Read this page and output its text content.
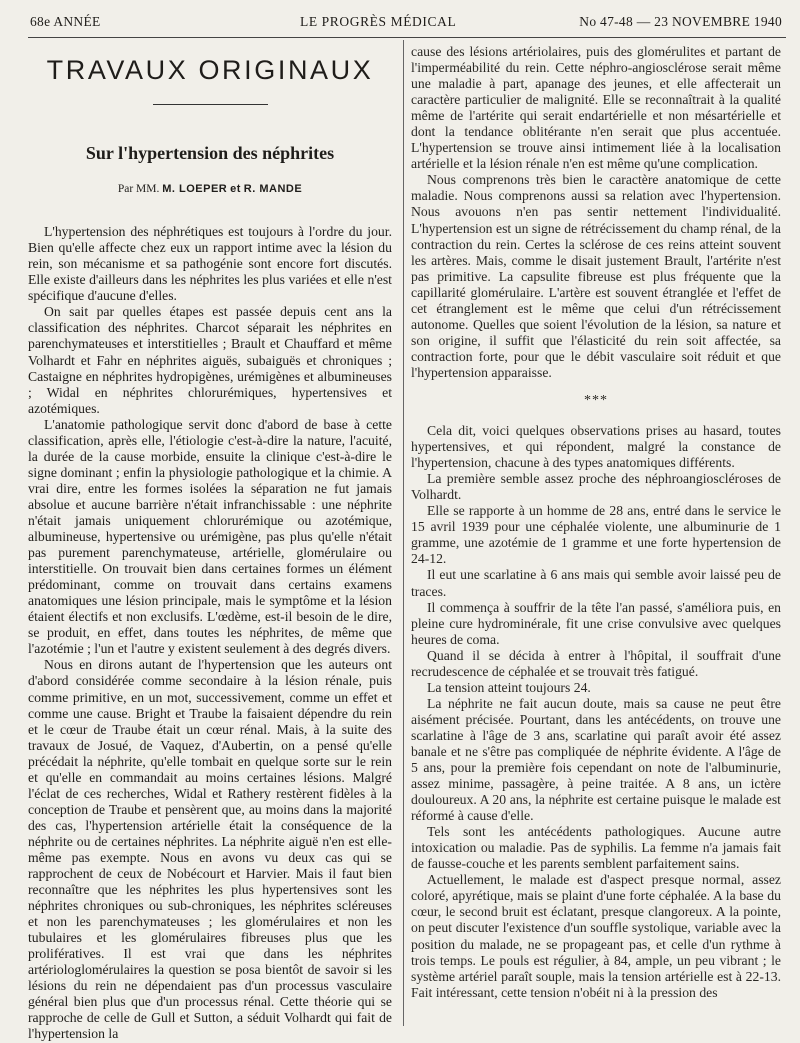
68e ANNÉE	LE PROGRÈS MÉDICAL	No 47-48 — 23 NOVEMBRE 1940
TRAVAUX ORIGINAUX
Sur l'hypertension des néphrites
Par MM. M. LOEPER et R. MANDE

L'hypertension des néphrétiques est toujours à l'ordre du jour. Bien qu'elle affecte chez eux un rapport intime avec la lésion du rein, son mécanisme et sa pathogénie sont encore fort discutés. Elle existe d'ailleurs dans les néphrites les plus variées et elle n'est spécifique d'aucune d'elles.

On sait par quelles étapes est passée depuis cent ans la classification des néphrites. Charcot séparait les néphrites en parenchymateuses et interstitielles ; Brault et Chauffard et même Volhardt et Fahr en néphrites aiguës, subaiguës et chroniques ; Castaigne en néphrites hydropigènes, urémigènes et albumineuses ; Widal en néphrites chlorurémiques, hypertensives et azotémiques.

L'anatomie pathologique servit donc d'abord de base à cette classification, après elle, l'étiologie c'est-à-dire la nature, l'acuité, la durée de la cause morbide, ensuite la clinique c'est-à-dire le signe dominant ; enfin la physiologie pathologique et la chimie. A vrai dire, entre les formes isolées la séparation ne fut jamais absolue et aucune barrière n'était infranchissable : une néphrite n'était jamais uniquement chlorurémique ou azotémique, albumineuse, hypertensive ou urémigène, pas plus qu'elle n'était pas purement parenchymateuse, artérielle, glomérulaire ou interstitielle. On trouvait bien dans certaines formes un élément prédominant, comme on trouvait dans certains examens anatomiques une lésion principale, mais le symptôme et la lésion étaient électifs et non exclusifs. L'œdème, est-il besoin de le dire, se produit, en effet, dans toutes les néphrites, de même que l'azotémie ; l'un et l'autre y existent seulement à des degrés divers.

Nous en dirons autant de l'hypertension que les auteurs ont d'abord considérée comme secondaire à la lésion rénale, puis comme primitive, en un mot, successivement, comme un effet et comme une cause. Bright et Traube la faisaient dépendre du rein et le cœur de Traube était un cœur rénal. Mais, à la suite des travaux de Josué, de Vaquez, d'Aubertin, on a pensé qu'elle précédait la néphrite, qu'elle tombait en quelque sorte sur le rein et qu'elle en commandait au moins certaines lésions. Malgré l'éclat de ces recherches, Widal et Rathery restèrent fidèles à la conception de Traube et pensèrent que, au moins dans la majorité des cas, l'hypertension artérielle était la conséquence de la néphrite ou de certaines néphrites. La néphrite aiguë n'en est elle-même pas exempte. Nous en avons vu deux cas qui se rapprochent de ceux de Nobécourt et Harvier. Mais il faut bien reconnaître que les néphrites les plus hypertensives sont les néphrites chroniques ou sub-chroniques, les néphrites scléreuses et non les parenchymateuses ; les glomérulaires et non les tubulaires et les glomérulaires fibreuses plus que les prolifératives. Il est vrai que dans les néphrites artériologlomérulaires la question se posa bientôt de savoir si les lésions du rein ne dépendaient pas d'un processus vasculaire général bien plus que d'un processus rénal. Cette théorie qui se rapproche de celle de Gull et Sutton, a séduit Volhardt qui fait de l'hypertension la

cause des lésions artériolaires, puis des glomérulites et partant de l'imperméabilité du rein. Cette néphro-angiosclérose serait même une maladie à part, apanage des jeunes, et elle affecterait un caractère particulier de malignité. Elle se reconnaîtrait à la qualité même de l'artérite qui serait endartérielle et non mésartérielle et dont la tendance oblitérante n'en serait que plus accentuée. L'hypertension se trouve ainsi intimement liée à la localisation artérielle et la lésion rénale n'en est même qu'une complication.

Nous comprenons très bien le caractère anatomique de cette maladie. Nous comprenons aussi sa relation avec l'hypertension. Nous avouons n'en pas sentir nettement l'individualité. L'hypertension est un signe de rétrécissement du champ rénal, de la contraction du rein. Certes la sclérose de ces reins atteint souvent les artères. Mais, comme le disait justement Brault, l'artérite n'est pas primitive. La capsulite fibreuse est plus fréquente que la capillarité glomérulaire. L'artère est souvent étranglée et l'effet de cet étranglement est le même que celui d'un rétrécissement autonome. Quelles que soient l'évolution de la lésion, sa nature et son origine, il suffit que l'élasticité du rein soit affectée, sa contraction forte, pour que le débit vasculaire soit réduit et que l'hypertension apparaisse.

***

Cela dit, voici quelques observations prises au hasard, toutes hypertensives, et qui répondent, malgré la constance de l'hypertension, chacune à des types anatomiques différents.

La première semble assez proche des néphroangioscléroses de Volhardt.

Elle se rapporte à un homme de 28 ans, entré dans le service le 15 avril 1939 pour une céphalée violente, une albuminurie de 1 gramme, une azotémie de 1 gramme et une forte hypertension de 24-12.

Il eut une scarlatine à 6 ans mais qui semble avoir laissé peu de traces.

Il commença à souffrir de la tête l'an passé, s'améliora puis, en pleine cure hydrominérale, fit une crise convulsive avec quelques heures de coma.

Quand il se décida à entrer à l'hôpital, il souffrait d'une recrudescence de céphalée et se trouvait très fatigué.

La tension atteint toujours 24.

La néphrite ne fait aucun doute, mais sa cause ne peut être aisément précisée. Pourtant, dans les antécédents, on trouve une scarlatine à l'âge de 3 ans, scarlatine qui paraît avoir été assez banale et ne s'être pas compliquée de néphrite évidente. A l'âge de 5 ans, pour la première fois cependant on note de l'albuminurie, assez minime, passagère, à peine traitée. A 8 ans, un ictère douloureux. A 20 ans, la néphrite est certaine puisque le malade est réformé à cause d'elle.

Tels sont les antécédents pathologiques. Aucune autre intoxication ou maladie. Pas de syphilis. La femme n'a jamais fait de fausse-couche et les parents semblent parfaitement sains.

Actuellement, le malade est d'aspect presque normal, assez coloré, apyrétique, mais se plaint d'une forte céphalée. A la base du cœur, le second bruit est éclatant, presque clangoreux. A la pointe, on peut discuter l'existence d'un souffle systolique, variable avec la position du malade, ne se propageant pas, et celle d'un rythme à trois temps. Le pouls est régulier, à 84, ample, un peu vibrant ; le système artériel paraît souple, mais la tension artérielle est à 22-13. Fait intéressant, cette tension n'obéit ni à la pression des
